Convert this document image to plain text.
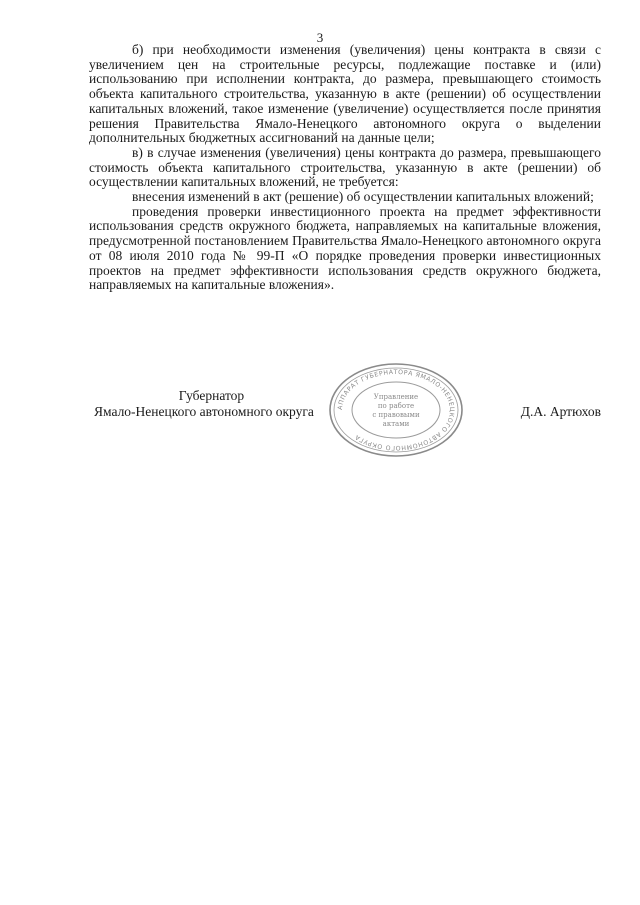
3

б) при необходимости изменения (увеличения) цены контракта в связи с увеличением цен на строительные ресурсы, подлежащие поставке и (или) использованию при исполнении контракта, до размера, превышающего стоимость объекта капитального строительства, указанную в акте (решении) об осуществлении капитальных вложений, такое изменение (увеличение) осуществляется после принятия решения Правительства Ямало-Ненецкого автономного округа о выделении дополнительных бюджетных ассигнований на данные цели;

в) в случае изменения (увеличения) цены контракта до размера, превышающего стоимость объекта капитального строительства, указанную в акте (решении) об осуществлении капитальных вложений, не требуется:

внесения изменений в акт (решение) об осуществлении капитальных вложений;

проведения проверки инвестиционного проекта на предмет эффективности использования средств окружного бюджета, направляемых на капитальные вложения, предусмотренной постановлением Правительства Ямало-Ненецкого автономного округа от 08 июля 2010 года № 99-П «О порядке проведения проверки инвестиционных проектов на предмет эффективности использования средств окружного бюджета, направляемых на капитальные вложения».

Губернатор
Ямало-Ненецкого автономного округа	Д.А. Артюхов
АППАРАТ ГУБЕРНАТОРА ЯМАЛО-НЕНЕЦКОГО АВТОНОМНОГО ОКРУГА
Управление
по работе
с правовыми
актами
